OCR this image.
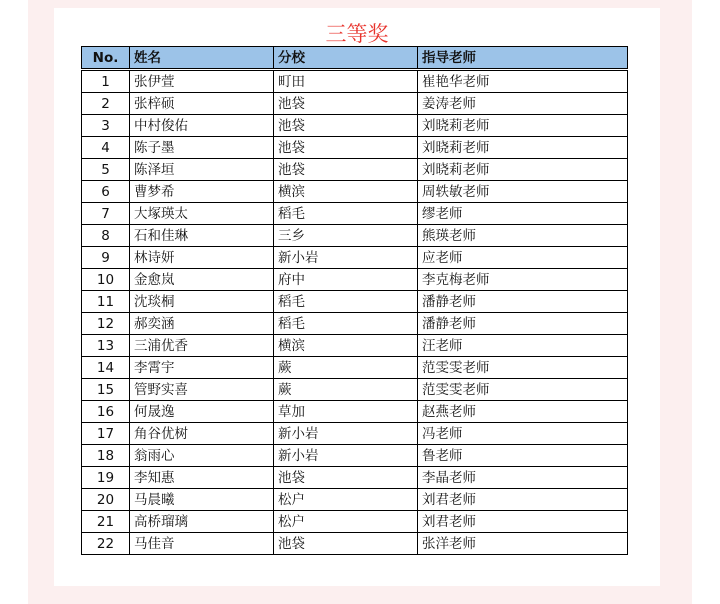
三等奖
No.	姓名	分校	指导老师
1	张伊萱	町田	崔艳华老师
2	张梓硕	池袋	姜涛老师
3	中村俊佑	池袋	刘晓莉老师
4	陈子墨	池袋	刘晓莉老师
5	陈泽垣	池袋	刘晓莉老师
6	曹梦希	横滨	周轶敏老师
7	大塚瑛太	稻毛	缪老师
8	石和佳琳	三乡	熊瑛老师
9	林诗妍	新小岩	应老师
10	金愈岚	府中	李克梅老师
11	沈琰桐	稻毛	潘静老师
12	郝奕涵	稻毛	潘静老师
13	三浦优香	横滨	汪老师
14	李霄宇	蕨	范雯雯老师
15	管野实喜	蕨	范雯雯老师
16	何晟逸	草加	赵燕老师
17	角谷优树	新小岩	冯老师
18	翁雨心	新小岩	鲁老师
19	李知惠	池袋	李晶老师
20	马晨曦	松户	刘君老师
21	高桥瑠璃	松户	刘君老师
22	马佳音	池袋	张洋老师
